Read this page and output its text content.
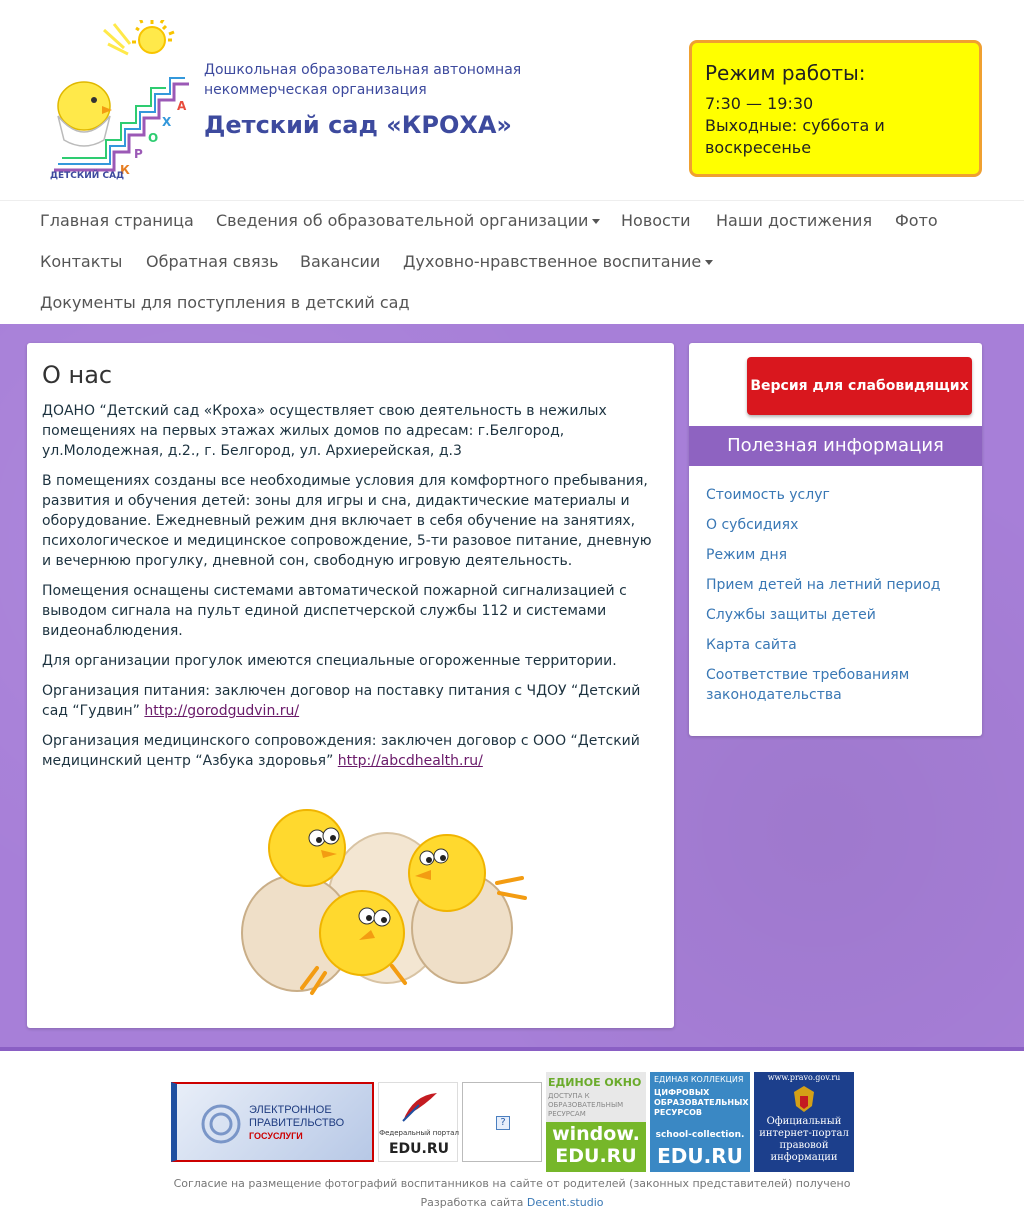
А
Х
О
Р
К
ДЕТСКИЙ САД
Дошкольная образовательная автономная некоммерческая организация
Детский сад «КРОХА»
Режим работы:
7:30 — 19:30
Выходные: суббота и воскресенье
Главная страница Сведения об образовательной организации	Новости Наши достижения Фото
Контакты Обратная связь Вакансии Духовно-нравственное воспитание
Документы для поступления в детский сад
О нас

ДОАНО “Детский сад «Кроха» осуществляет свою деятельность в нежилых помещениях на первых этажах жилых домов по адресам: г.Белгород, ул.Молодежная, д.2., г. Белгород, ул. Архиерейская, д.3

В помещениях созданы все необходимые условия для комфортного пребывания, развития и обучения детей: зоны для игры и сна, дидактические материалы и оборудование. Ежедневный режим дня включает в себя обучение на занятиях, психологическое и медицинское сопровождение, 5-ти разовое питание, дневную и вечернюю прогулку, дневной сон, свободную игровую деятельность.

Помещения оснащены системами автоматической пожарной сигнализацией с выводом сигнала на пульт единой диспетчерской службы 112 и системами видеонаблюдения.

Для организации прогулок имеются специальные огороженные территории.

Организация питания: заключен договор на поставку питания с ЧДОУ “Детский сад “Гудвин” http://gorodgudvin.ru/

Организация медицинского сопровождения: заключен договор с ООО “Детский медицинский центр “Азбука здоровья” http://abcdhealth.ru/

Версия для слабовидящих
Полезная информация
Стоимость услуг
О субсидиях
Режим дня
Прием детей на летний период
Службы защиты детей
Карта сайта
Соответствие требованиям законодательства
ЭЛЕКТРОННОЕ
ПРАВИТЕЛЬСТВО
ГОСУСЛУГИ	Федеральный портал
EDU.RU
?
ЕДИНОЕ ОКНО
ДОСТУПА К ОБРАЗОВАТЕЛЬНЫМ РЕСУРСАМ
window.
EDU.RU
ЕДИНАЯ КОЛЛЕКЦИЯ
ЦИФРОВЫХ ОБРАЗОВАТЕЛЬНЫХ РЕСУРСОВ
school-collection.
EDU.RU
www.pravo.gov.ru
Официальный интернет-портал правовой информации
Согласие на размещение фотографий воспитанников на сайте от родителей (законных представителей) получено
Разработка сайта Decent.studio
